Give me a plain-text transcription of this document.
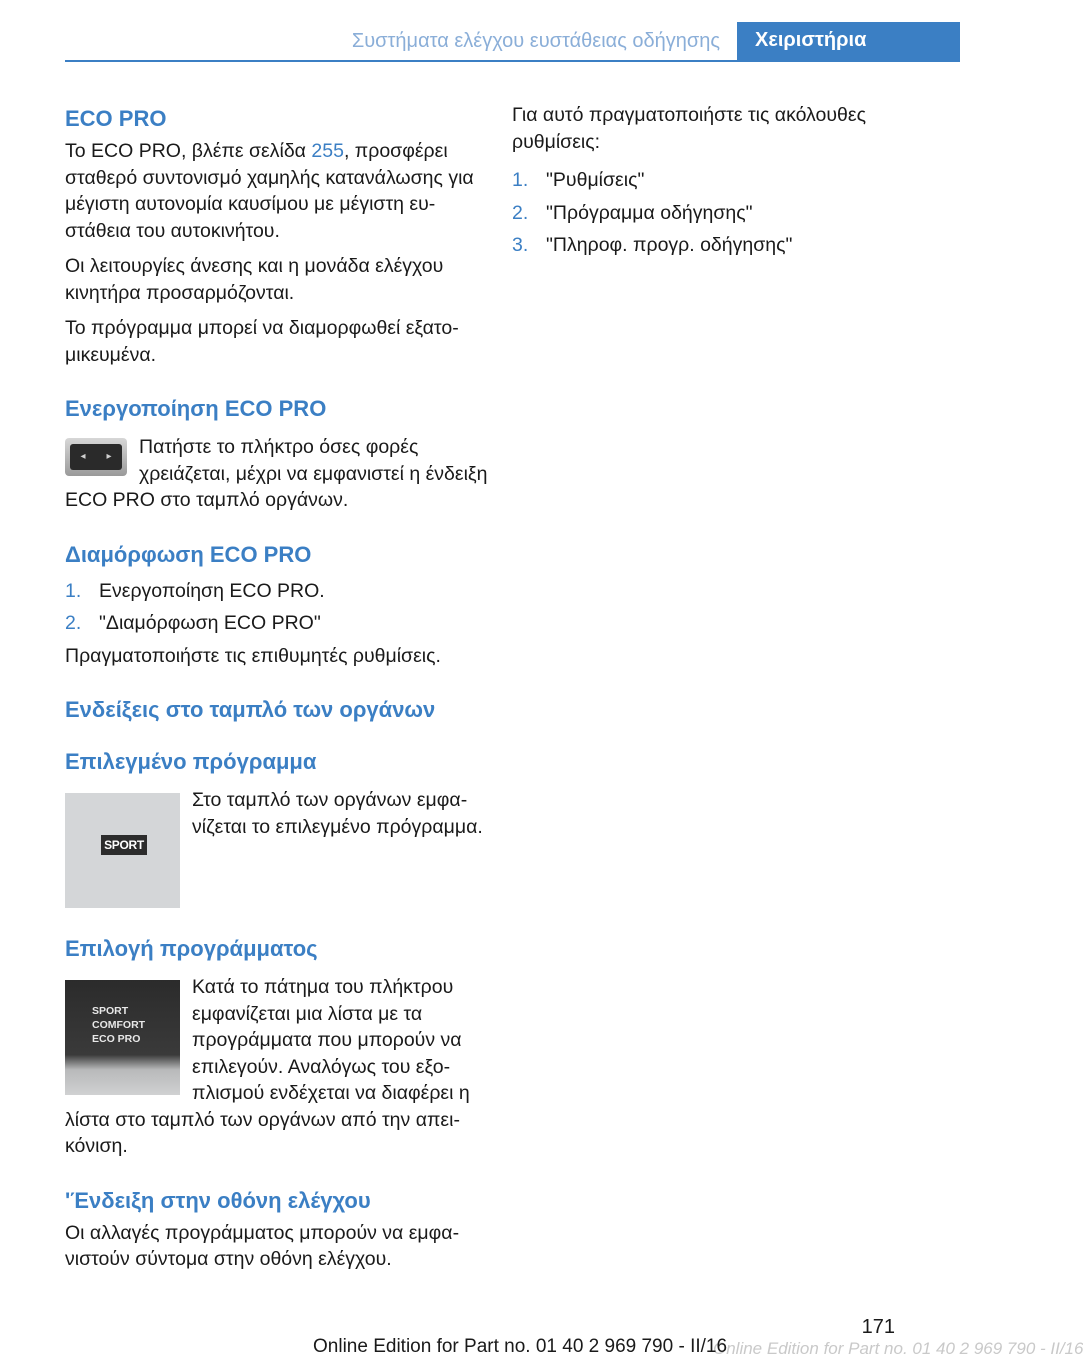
Συστήματα ελέγχου ευστάθειας οδήγησης	Χειριστήρια
ECO PRO

Το ECO PRO, βλέπε σελίδα 255, προσφέρει σταθερό συντονισμό χαμηλής κατανάλωσης για μέγιστη αυτονομία καυσίμου με μέγιστη ευστάθεια του αυτοκινήτου.

Οι λειτουργίες άνεσης και η μονάδα ελέγχου κινητήρα προσαρμόζονται.

Το πρόγραμμα μπορεί να διαμορφωθεί εξατομικευμένα.

Ενεργοποίηση ECO PRO
◂ ▸ Πατήστε το πλήκτρο όσες φορές χρειάζεται, μέχρι να εμφανιστεί η ένδειξη ECO PRO στο ταμπλό οργάνων.
Διαμόρφωση ECO PRO
1. Ενεργοποίηση ECO PRO.
2. "Διαμόρφωση ECO PRO"

Πραγματοποιήστε τις επιθυμητές ρυθμίσεις.

Ενδείξεις στο ταμπλό των οργάνων
Επιλεγμένο πρόγραμμα
SPORT
Στο ταμπλό των οργάνων εμφανίζεται το επιλεγμένο πρόγραμμα.
Επιλογή προγράμματος
SPORT
COMFORT
ECO PRO
Κατά το πάτημα του πλήκτρου εμφανίζεται μια λίστα με τα προγράμματα που μπορούν να επιλεγούν. Αναλόγως του εξοπλισμού ενδέχεται να διαφέρει η λίστα στο ταμπλό των οργάνων από την απεικόνιση.
'Ένδειξη στην οθόνη ελέγχου

Οι αλλαγές προγράμματος μπορούν να εμφανιστούν σύντομα στην οθόνη ελέγχου.

Για αυτό πραγματοποιήστε τις ακόλουθες ρυθμίσεις:

1. "Ρυθμίσεις"
2. "Πρόγραμμα οδήγησης"
3. "Πληροφ. προγρ. οδήγησης"
Online Edition for Part no. 01 40 2 969 790 - II/16
171
Online Edition for Part no. 01 40 2 969 790 - II/16
